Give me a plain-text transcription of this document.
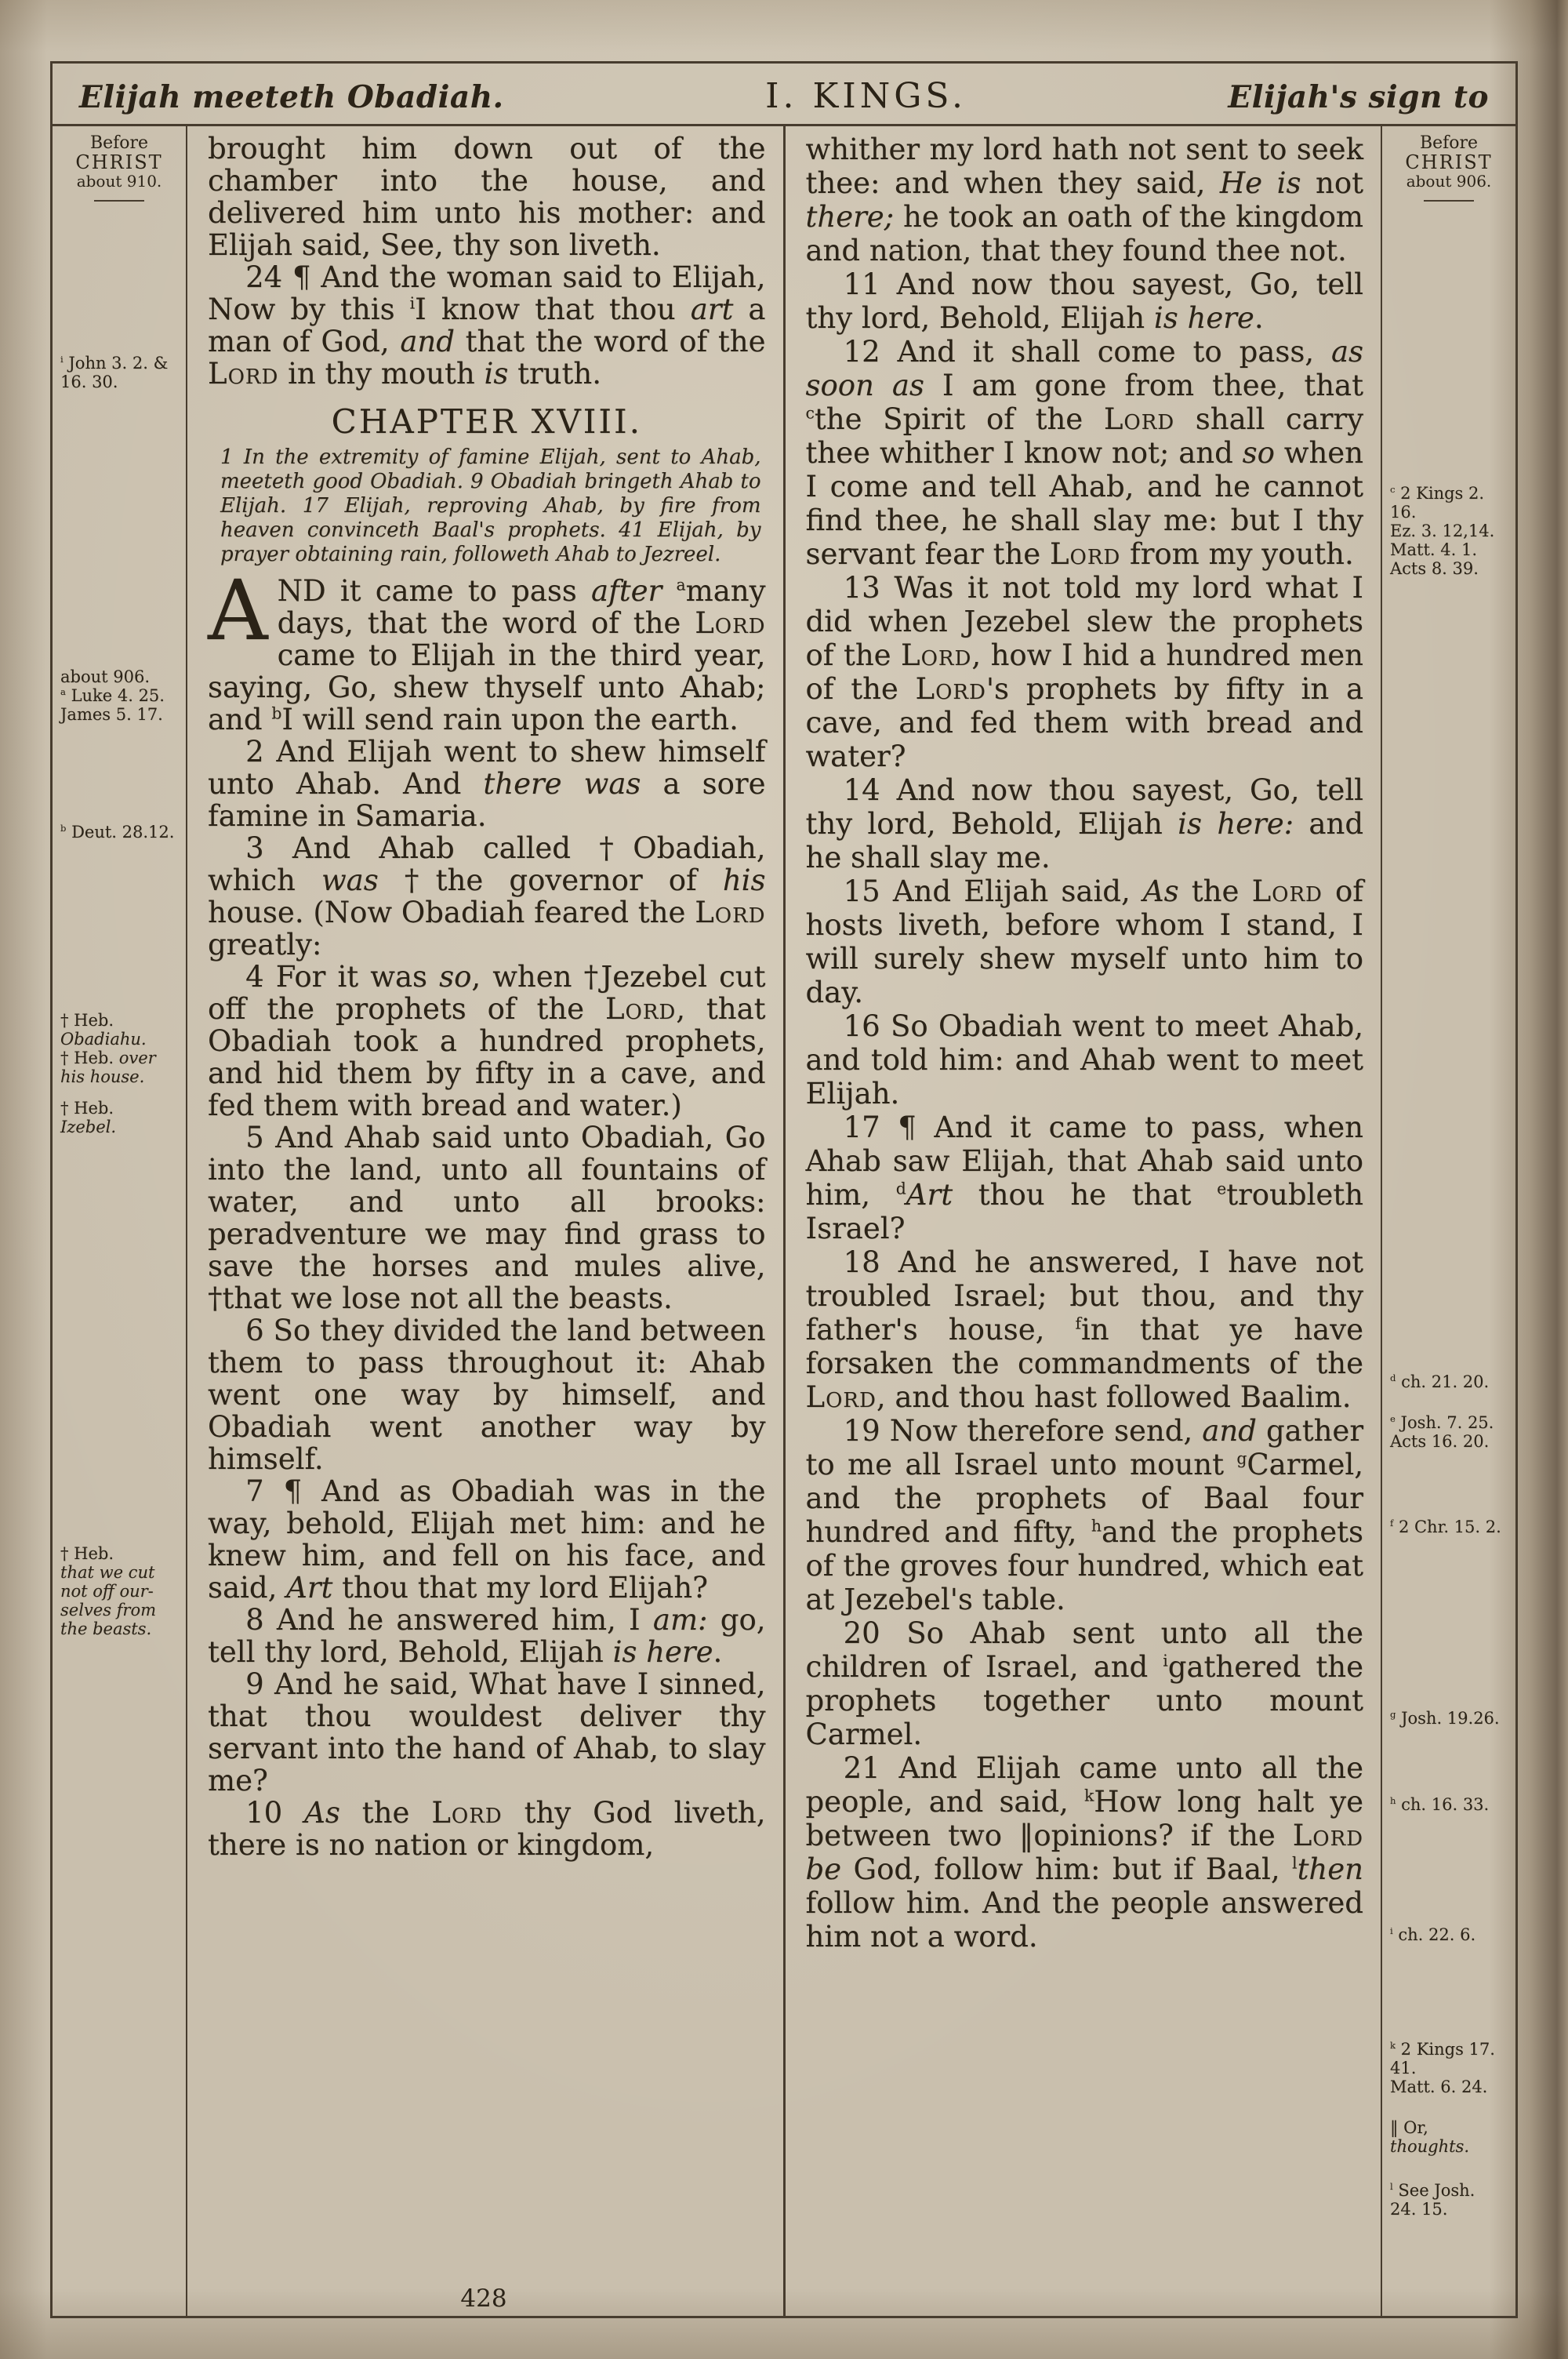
Elijah meeteth Obadiah.	I. KINGS.	Elijah's sign to
Before
CHRIST
about 910.
$^i$ John 3. 2. & 16. 30.
about 906.
$^a$ Luke 4. 25.
James 5. 17.
$^b$ Deut. 28.12.
† Heb.
Obadiahu.
† Heb. over
his house.
† Heb.
Izebel.
† Heb.
that we cut
not off our-
selves from
the beasts.

brought him down out of the chamber into the house, and delivered him unto his mother: and Elijah said, See, thy son liveth.

24 ¶ And the woman said to Elijah, Now by this $^i$I know that thou art a man of God, and that the word of the Lord in thy mouth is truth.

CHAPTER XVIII.

1 In the extremity of famine Elijah, sent to Ahab, meeteth good Obadiah. 9 Obadiah bringeth Ahab to Elijah. 17 Elijah, reproving Ahab, by fire from heaven convinceth Baal's prophets. 41 Elijah, by prayer obtaining rain, followeth Ahab to Jezreel.

AND it came to pass after $^a$many days, that the word of the Lord came to Elijah in the third year, saying, Go, shew thyself unto Ahab; and $^b$I will send rain upon the earth.

2 And Elijah went to shew himself unto Ahab. And there was a sore famine in Samaria.

3 And Ahab called †Obadiah, which was †the governor of his house. (Now Obadiah feared the Lord greatly:

4 For it was so, when †Jezebel cut off the prophets of the Lord, that Obadiah took a hundred prophets, and hid them by fifty in a cave, and fed them with bread and water.)

5 And Ahab said unto Obadiah, Go into the land, unto all fountains of water, and unto all brooks: peradventure we may find grass to save the horses and mules alive, †that we lose not all the beasts.

6 So they divided the land between them to pass throughout it: Ahab went one way by himself, and Obadiah went another way by himself.

7 ¶ And as Obadiah was in the way, behold, Elijah met him: and he knew him, and fell on his face, and said, Art thou that my lord Elijah?

8 And he answered him, I am: go, tell thy lord, Behold, Elijah is here.

9 And he said, What have I sinned, that thou wouldest deliver thy servant into the hand of Ahab, to slay me?

10 As the Lord thy God liveth, there is no nation or kingdom,

whither my lord hath not sent to seek thee: and when they said, He is not there; he took an oath of the kingdom and nation, that they found thee not.

11 And now thou sayest, Go, tell thy lord, Behold, Elijah is here.

12 And it shall come to pass, as soon as I am gone from thee, that $^c$the Spirit of the Lord shall carry thee whither I know not; and so when I come and tell Ahab, and he cannot find thee, he shall slay me: but I thy servant fear the Lord from my youth.

13 Was it not told my lord what I did when Jezebel slew the prophets of the Lord, how I hid a hundred men of the Lord's prophets by fifty in a cave, and fed them with bread and water?

14 And now thou sayest, Go, tell thy lord, Behold, Elijah is here: and he shall slay me.

15 And Elijah said, As the Lord of hosts liveth, before whom I stand, I will surely shew myself unto him to day.

16 So Obadiah went to meet Ahab, and told him: and Ahab went to meet Elijah.

17 ¶ And it came to pass, when Ahab saw Elijah, that Ahab said unto him, $^d$Art thou he that $^e$troubleth Israel?

18 And he answered, I have not troubled Israel; but thou, and thy father's house, $^f$in that ye have forsaken the commandments of the Lord, and thou hast followed Baalim.

19 Now therefore send, and gather to me all Israel unto mount $^g$Carmel, and the prophets of Baal four hundred and fifty, $^h$and the prophets of the groves four hundred, which eat at Jezebel's table.

20 So Ahab sent unto all the children of Israel, and $^i$gathered the prophets together unto mount Carmel.

21 And Elijah came unto all the people, and said, $^k$How long halt ye between two ‖opinions? if the Lord be God, follow him: but if Baal, $^l$then follow him. And the people answered him not a word.

Before
CHRIST
about 906.
$^c$ 2 Kings 2.
16.
Ez. 3. 12,14.
Matt. 4. 1.
Acts 8. 39.
$^d$ ch. 21. 20.
$^e$ Josh. 7. 25.
Acts 16. 20.
$^f$ 2 Chr. 15. 2.
$^g$ Josh. 19.26.
$^h$ ch. 16. 33.
$^i$ ch. 22. 6.
$^k$ 2 Kings 17.
41.
Matt. 6. 24.
‖ Or,
thoughts.
$^l$ See Josh.
24. 15.
428
